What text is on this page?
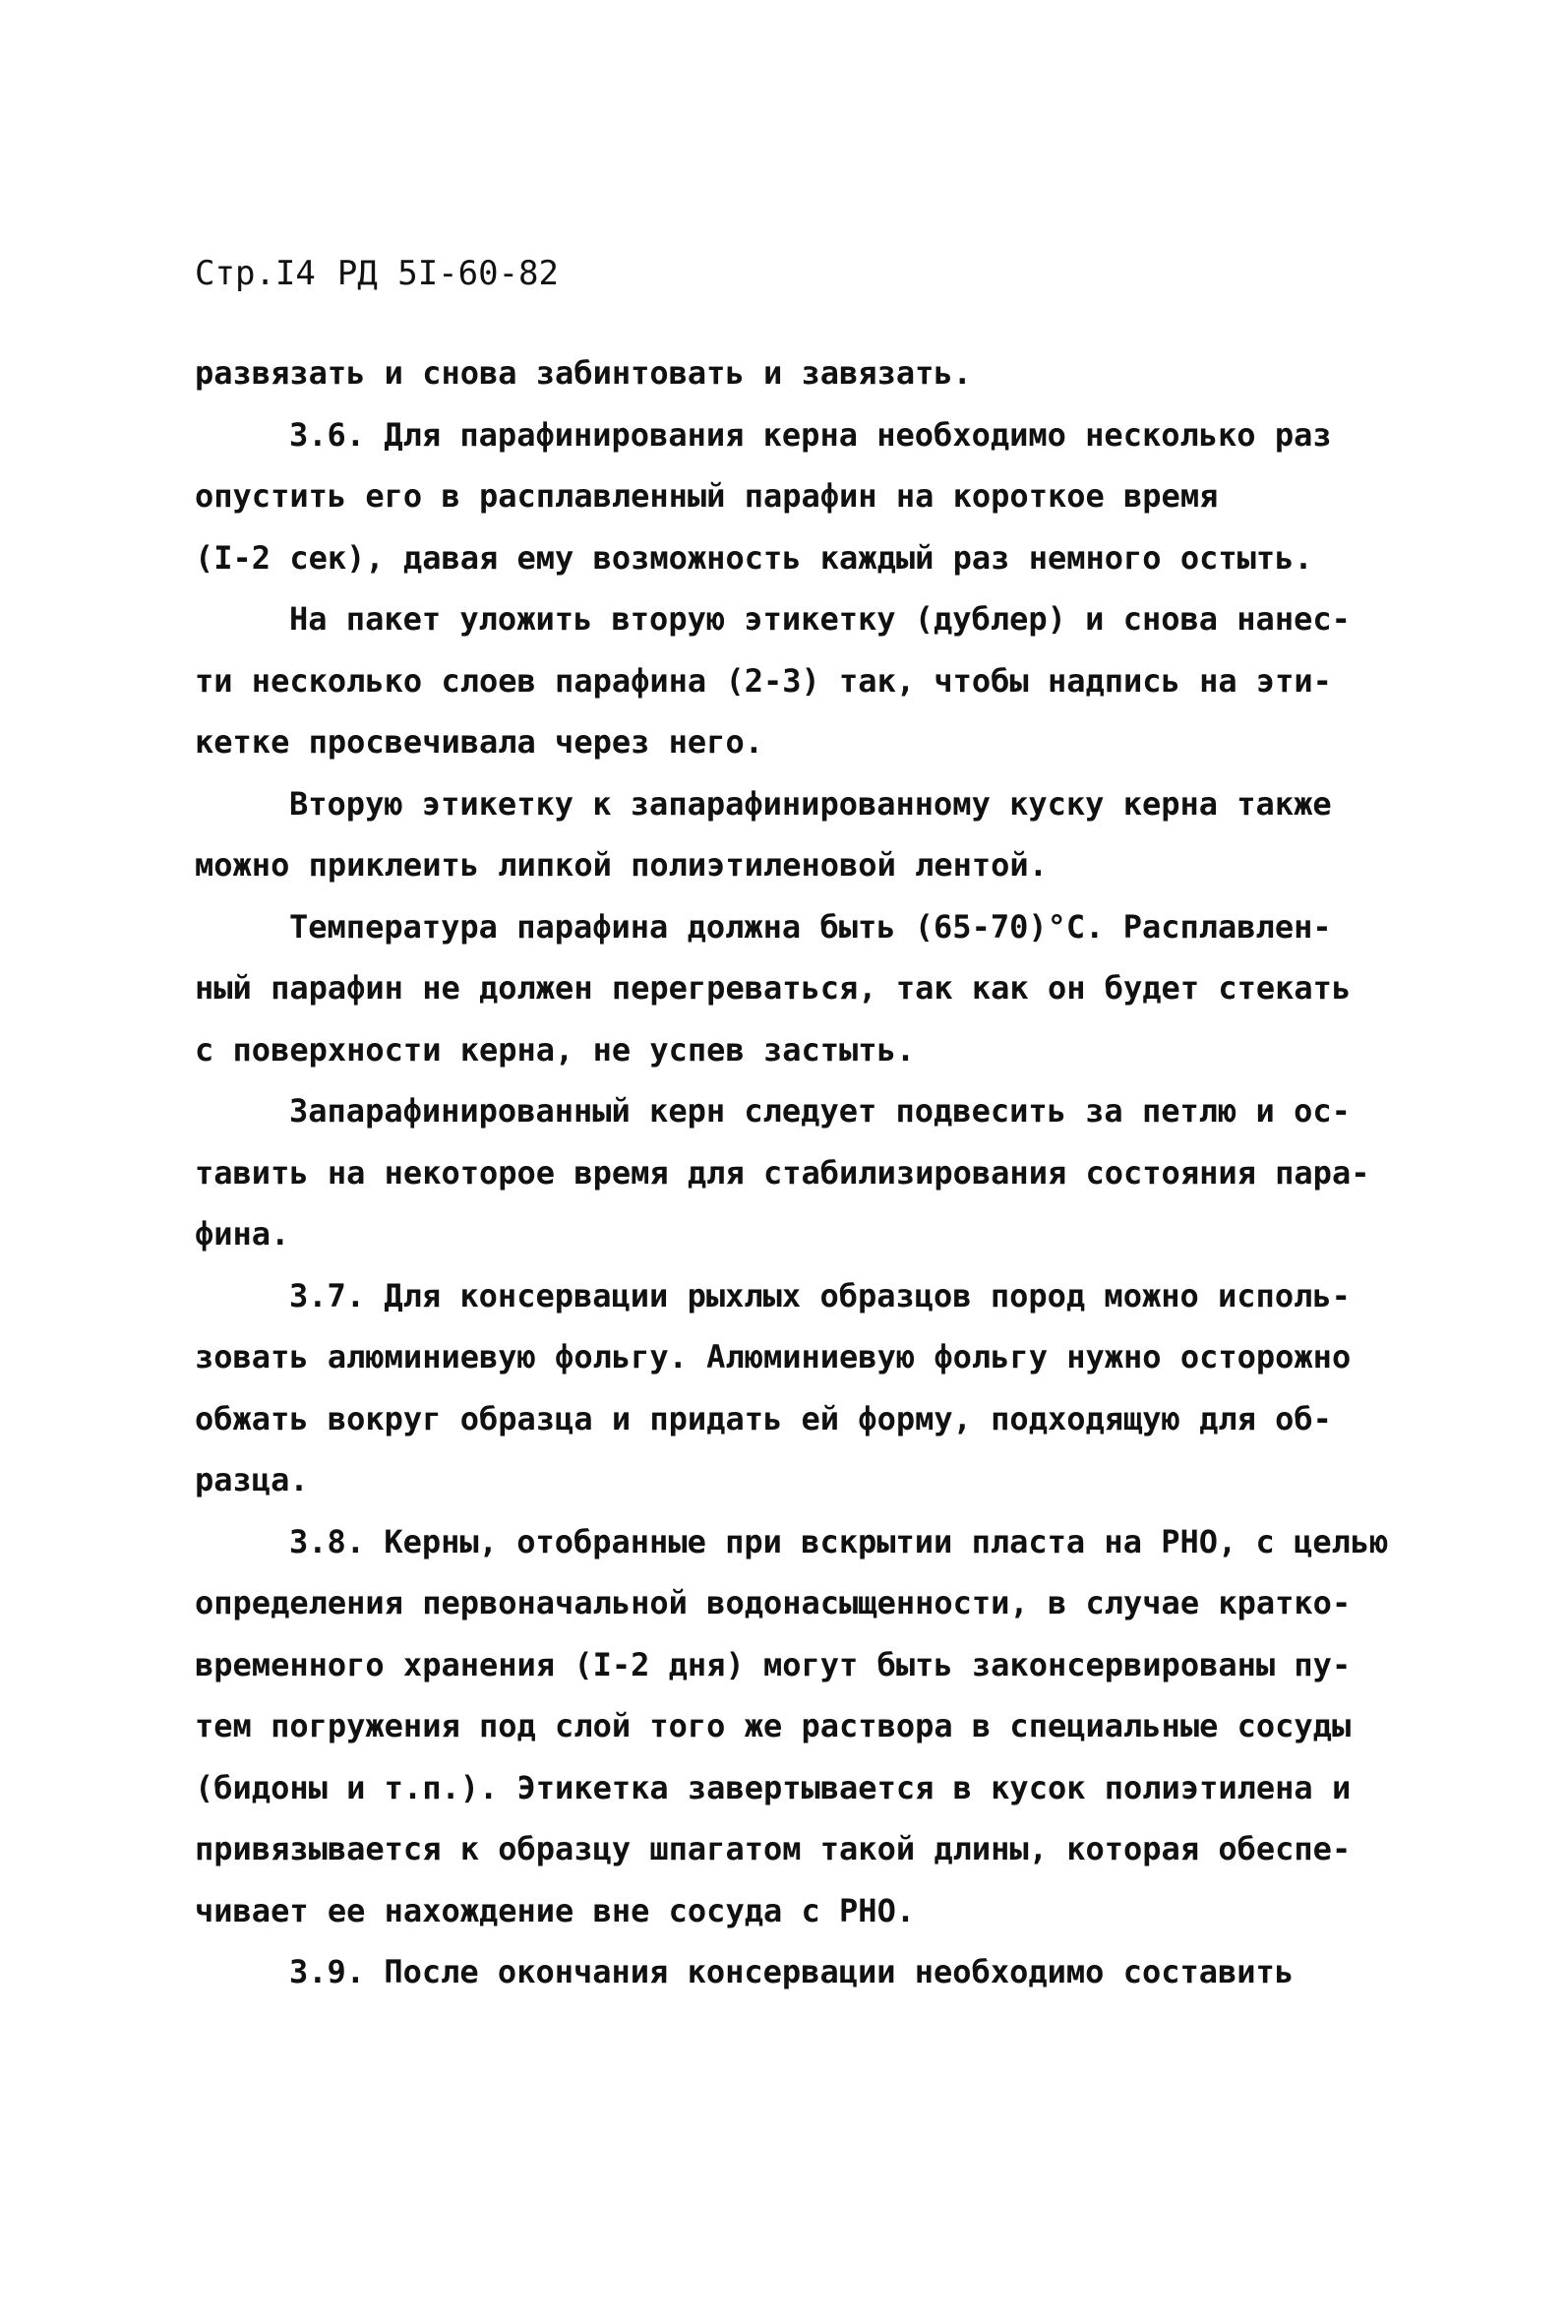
Стр.I4 РД 5I-60-82
развязать и снова забинтовать и завязать.
3.6. Для парафинирования керна необходимо несколько раз
опустить его в расплавленный парафин на короткое время
(I-2 сек), давая ему возможность каждый раз немного остыть.
На пакет уложить вторую этикетку (дублер) и снова нанес-
ти несколько слоев парафина (2-3) так, чтобы надпись на эти-
кетке просвечивала через него.
Вторую этикетку к запарафинированному куску керна также
можно приклеить липкой полиэтиленовой лентой.
Температура парафина должна быть (65-70)°С. Расплавлен-
ный парафин не должен перегреваться, так как он будет стекать
с поверхности керна, не успев застыть.
Запарафинированный керн следует подвесить за петлю и ос-
тавить на некоторое время для стабилизирования состояния пара-
фина.
3.7. Для консервации рыхлых образцов пород можно исполь-
зовать алюминиевую фольгу. Алюминиевую фольгу нужно осторожно
обжать вокруг образца и придать ей форму, подходящую для об-
разца.
3.8. Керны, отобранные при вскрытии пласта на РНО, с целью
определения первоначальной водонасыщенности, в случае кратко-
временного хранения (I-2 дня) могут быть законсервированы пу-
тем погружения под слой того же раствора в специальные сосуды
(бидоны и т.п.). Этикетка завертывается в кусок полиэтилена и
привязывается к образцу шпагатом такой длины, которая обеспе-
чивает ее нахождение вне сосуда с РНО.
3.9. После окончания консервации необходимо составить
